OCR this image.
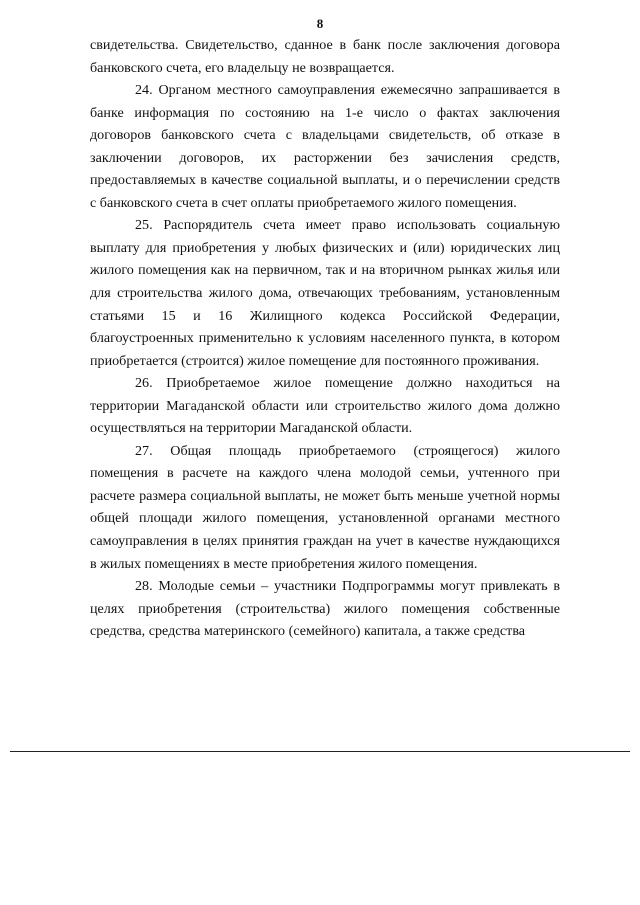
8

свидетельства. Свидетельство, сданное в банк после заключения договора банковского счета, его владельцу не возвращается.

24. Органом местного самоуправления ежемесячно запрашивается в банке информация по состоянию на 1-е число о фактах заключения договоров банковского счета с владельцами свидетельств, об отказе в заключении договоров, их расторжении без зачисления средств, предоставляемых в качестве социальной выплаты, и о перечислении средств с банковского счета в счет оплаты приобретаемого жилого помещения.

25. Распорядитель счета имеет право использовать социальную выплату для приобретения у любых физических и (или) юридических лиц жилого помещения как на первичном, так и на вторичном рынках жилья или для строительства жилого дома, отвечающих требованиям, установленным статьями 15 и 16 Жилищного кодекса Российской Федерации, благоустроенных применительно к условиям населенного пункта, в котором приобретается (строится) жилое помещение для постоянного проживания.

26. Приобретаемое жилое помещение должно находиться на территории Магаданской области или строительство жилого дома должно осуществляться на территории Магаданской области.

27. Общая площадь приобретаемого (строящегося) жилого помещения в расчете на каждого члена молодой семьи, учтенного при расчете размера социальной выплаты, не может быть меньше учетной нормы общей площади жилого помещения, установленной органами местного самоуправления в целях принятия граждан на учет в качестве нуждающихся в жилых помещениях в месте приобретения жилого помещения.

28. Молодые семьи – участники Подпрограммы могут привлекать в целях приобретения (строительства) жилого помещения собственные средства, средства материнского (семейного) капитала, а также средства
